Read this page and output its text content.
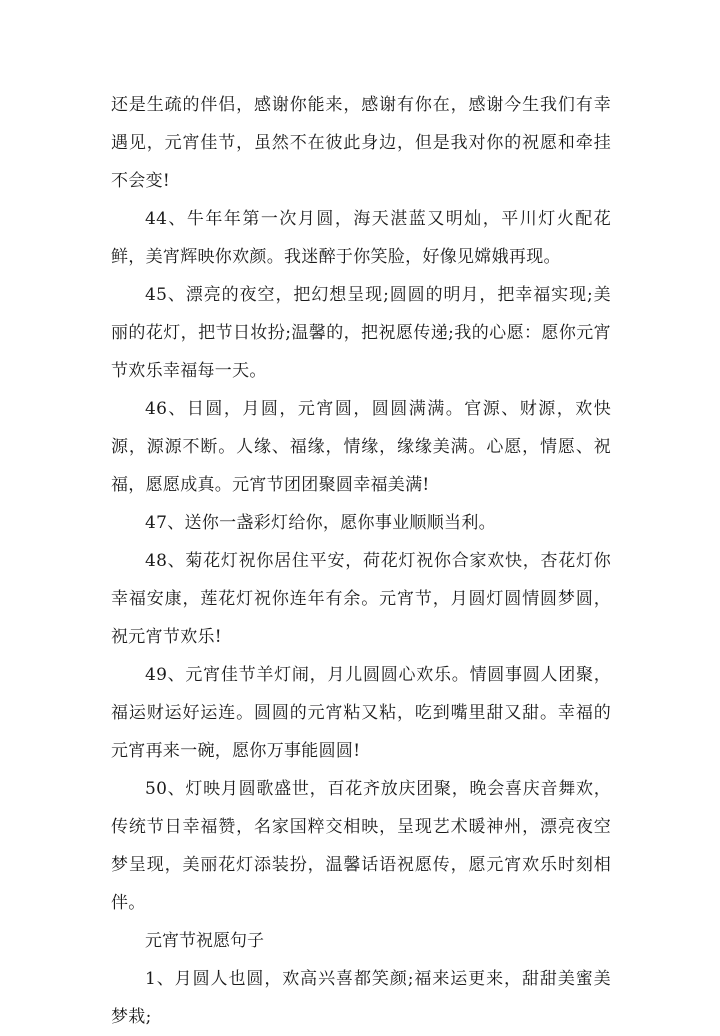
还是生疏的伴侣，感谢你能来，感谢有你在，感谢今生我们有幸遇见，元宵佳节，虽然不在彼此身边，但是我对你的祝愿和牵挂不会变!

44、牛年年第一次月圆，海天湛蓝又明灿，平川灯火配花鲜，美宵辉映你欢颜。我迷醉于你笑脸，好像见嫦娥再现。

45、漂亮的夜空，把幻想呈现;圆圆的明月，把幸福实现;美丽的花灯，把节日妆扮;温馨的，把祝愿传递;我的心愿：愿你元宵节欢乐幸福每一天。

46、日圆，月圆，元宵圆，圆圆满满。官源、财源，欢快源，源源不断。人缘、福缘，情缘，缘缘美满。心愿，情愿、祝福，愿愿成真。元宵节团团聚圆幸福美满!

47、送你一盏彩灯给你，愿你事业顺顺当利。

48、菊花灯祝你居住平安，荷花灯祝你合家欢快，杏花灯你幸福安康，莲花灯祝你连年有余。元宵节，月圆灯圆情圆梦圆，祝元宵节欢乐!

49、元宵佳节羊灯闹，月儿圆圆心欢乐。情圆事圆人团聚，福运财运好运连。圆圆的元宵粘又粘，吃到嘴里甜又甜。幸福的元宵再来一碗，愿你万事能圆圆!

50、灯映月圆歌盛世，百花齐放庆团聚，晚会喜庆音舞欢，传统节日幸福赞，名家国粹交相映，呈现艺术暖神州，漂亮夜空梦呈现，美丽花灯添装扮，温馨话语祝愿传，愿元宵欢乐时刻相伴。

元宵节祝愿句子

1、月圆人也圆，欢高兴喜都笑颜;福来运更来，甜甜美蜜美梦栽;
